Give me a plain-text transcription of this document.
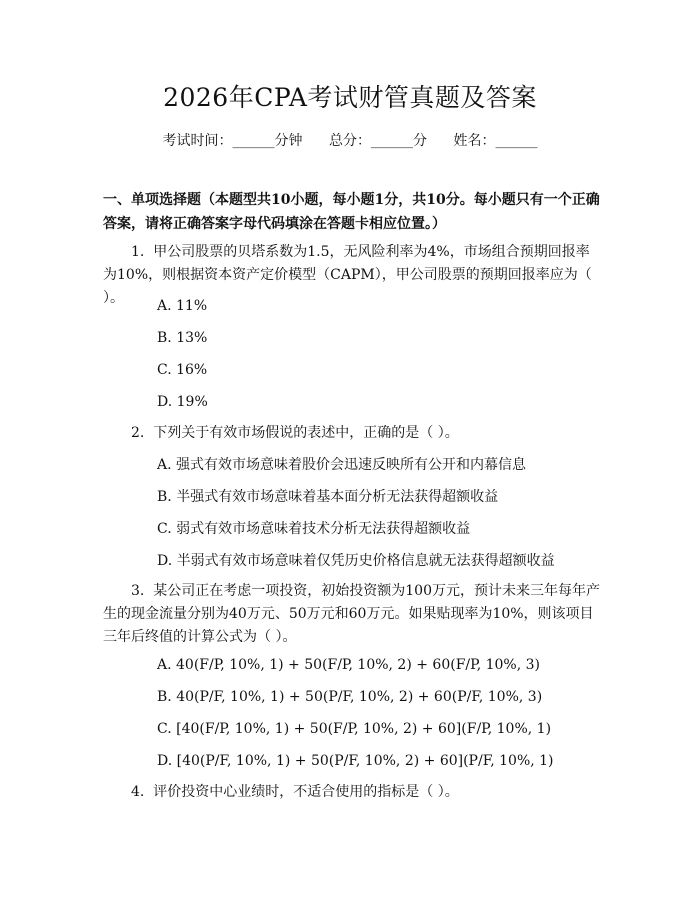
2026年CPA考试财管真题及答案
考试时间：______分钟 总分：______分 姓名：______
一、单项选择题（本题型共10小题，每小题1分，共10分。每小题只有一个正确答案，请将正确答案字母代码填涂在答题卡相应位置。）
1. 甲公司股票的贝塔系数为1.5，无风险利率为4%，市场组合预期回报率为10%，则根据资本资产定价模型（CAPM），甲公司股票的预期回报率应为（ ）。	A. 11%
B. 13%
C. 16%
D. 19%
2. 下列关于有效市场假说的表述中，正确的是（ ）。
A. 强式有效市场意味着股价会迅速反映所有公开和内幕信息
B. 半强式有效市场意味着基本面分析无法获得超额收益
C. 弱式有效市场意味着技术分析无法获得超额收益
D. 半弱式有效市场意味着仅凭历史价格信息就无法获得超额收益
3. 某公司正在考虑一项投资，初始投资额为100万元，预计未来三年每年产生的现金流量分别为40万元、50万元和60万元。如果贴现率为10%，则该项目三年后终值的计算公式为（ ）。
A. 40(F/P, 10%, 1) + 50(F/P, 10%, 2) + 60(F/P, 10%, 3)
B. 40(P/F, 10%, 1) + 50(P/F, 10%, 2) + 60(P/F, 10%, 3)
C. [40(F/P, 10%, 1) + 50(F/P, 10%, 2) + 60](F/P, 10%, 1)
D. [40(P/F, 10%, 1) + 50(P/F, 10%, 2) + 60](P/F, 10%, 1)
4. 评价投资中心业绩时，不适合使用的指标是（ ）。
